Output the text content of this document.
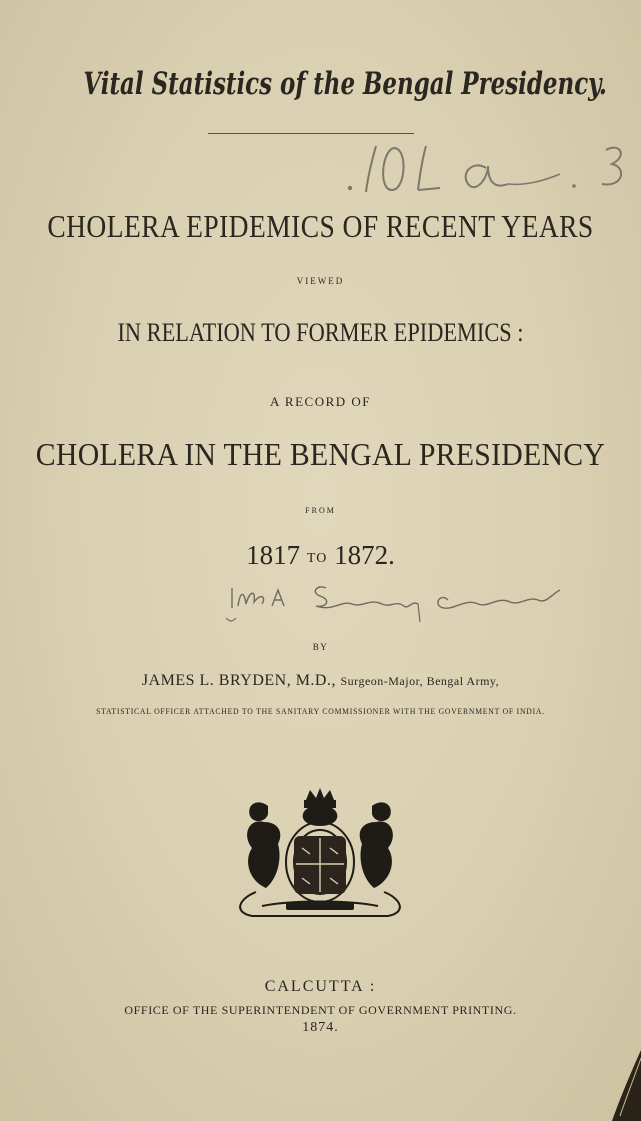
Vital Statistics of the Bengal Presidency.
CHOLERA EPIDEMICS OF RECENT YEARS
VIEWED
IN RELATION TO FORMER EPIDEMICS :
A RECORD OF
CHOLERA IN THE BENGAL PRESIDENCY
FROM
1817 TO 1872.
BY
JAMES L. BRYDEN, M.D., Surgeon-Major, Bengal Army,
STATISTICAL OFFICER ATTACHED TO THE SANITARY COMMISSIONER WITH THE GOVERNMENT OF INDIA.
CALCUTTA :
OFFICE OF THE SUPERINTENDENT OF GOVERNMENT PRINTING.
1874.
